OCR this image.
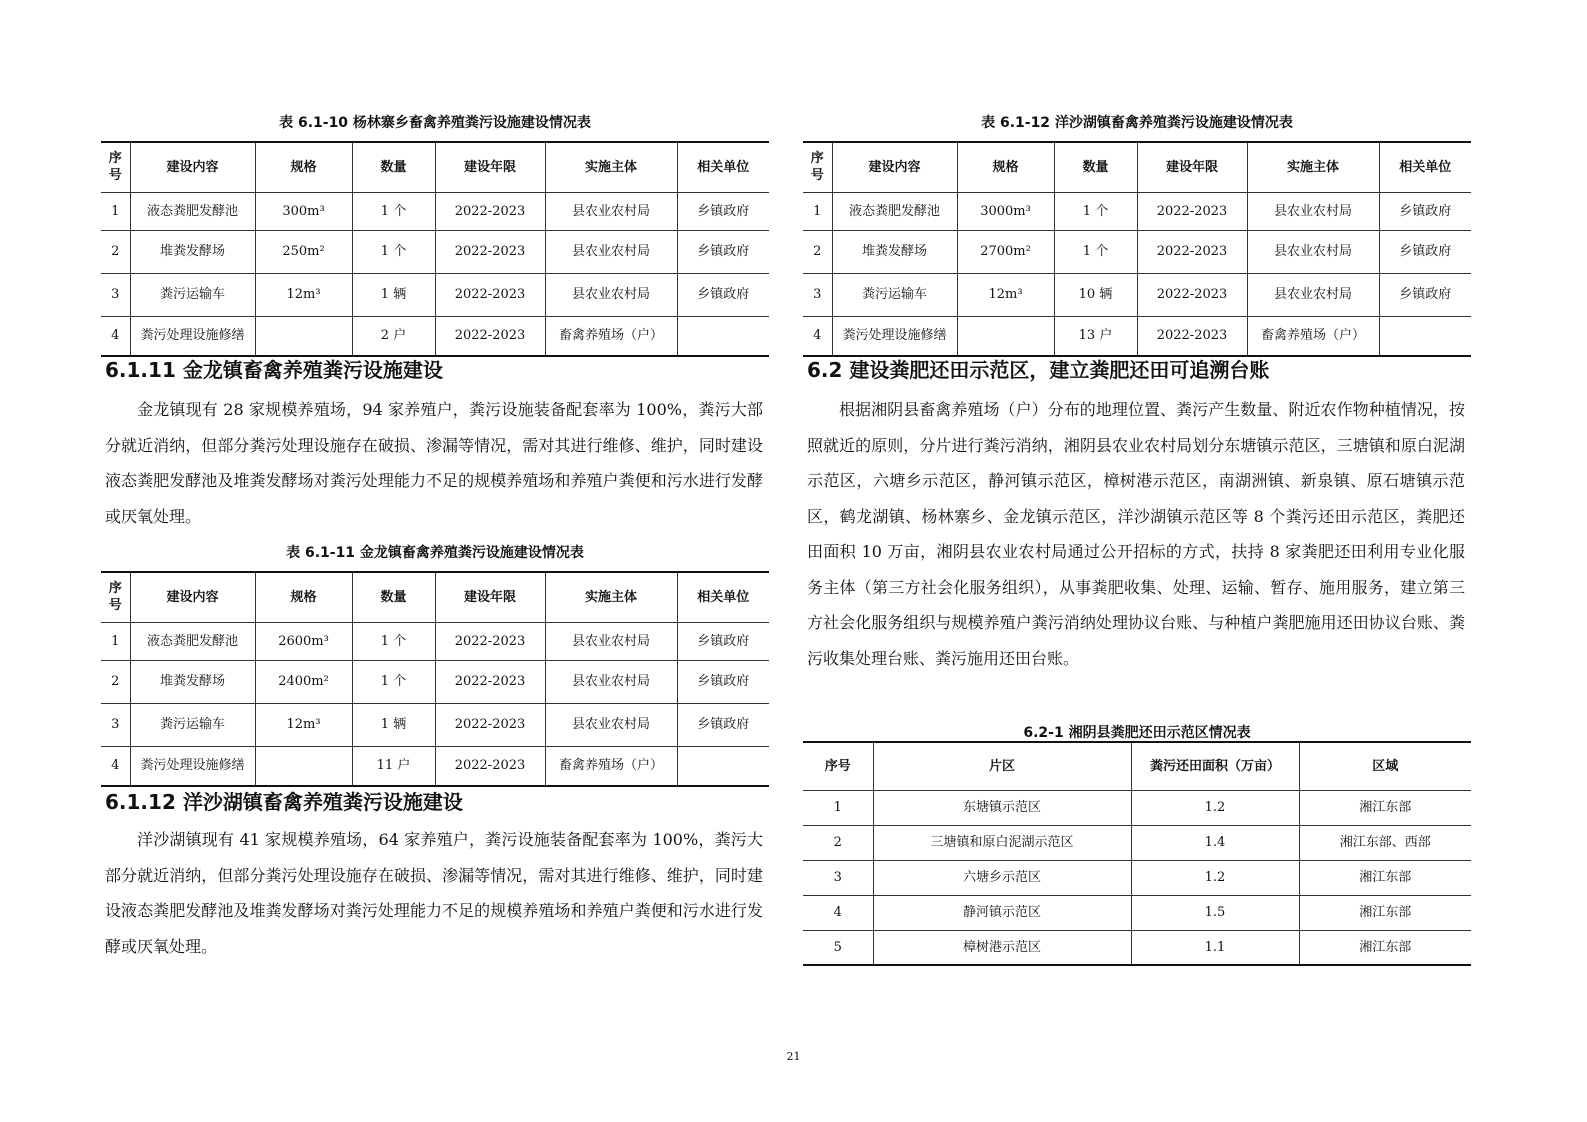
表 6.1-10 杨林寨乡畜禽养殖粪污设施建设情况表
序号	建设内容	规格	数量	建设年限	实施主体	相关单位
1	液态粪肥发酵池	300m³	1 个	2022-2023	县农业农村局	乡镇政府
2	堆粪发酵场	250m²	1 个	2022-2023	县农业农村局	乡镇政府
3	粪污运输车	12m³	1 辆	2022-2023	县农业农村局	乡镇政府
4	粪污处理设施修缮		2 户	2022-2023	畜禽养殖场（户）	
6.1.11 金龙镇畜禽养殖粪污设施建设
金龙镇现有 28 家规模养殖场，94 家养殖户，粪污设施装备配套率为 100%，粪污大部分就近消纳，但部分粪污处理设施存在破损、渗漏等情况，需对其进行维修、维护，同时建设液态粪肥发酵池及堆粪发酵场对粪污处理能力不足的规模养殖场和养殖户粪便和污水进行发酵或厌氧处理。
表 6.1-11 金龙镇畜禽养殖粪污设施建设情况表
序号	建设内容	规格	数量	建设年限	实施主体	相关单位
1	液态粪肥发酵池	2600m³	1 个	2022-2023	县农业农村局	乡镇政府
2	堆粪发酵场	2400m²	1 个	2022-2023	县农业农村局	乡镇政府
3	粪污运输车	12m³	1 辆	2022-2023	县农业农村局	乡镇政府
4	粪污处理设施修缮		11 户	2022-2023	畜禽养殖场（户）	
6.1.12 洋沙湖镇畜禽养殖粪污设施建设
洋沙湖镇现有 41 家规模养殖场，64 家养殖户，粪污设施装备配套率为 100%，粪污大部分就近消纳，但部分粪污处理设施存在破损、渗漏等情况，需对其进行维修、维护，同时建设液态粪肥发酵池及堆粪发酵场对粪污处理能力不足的规模养殖场和养殖户粪便和污水进行发酵或厌氧处理。
表 6.1-12 洋沙湖镇畜禽养殖粪污设施建设情况表
序号	建设内容	规格	数量	建设年限	实施主体	相关单位
1	液态粪肥发酵池	3000m³	1 个	2022-2023	县农业农村局	乡镇政府
2	堆粪发酵场	2700m²	1 个	2022-2023	县农业农村局	乡镇政府
3	粪污运输车	12m³	10 辆	2022-2023	县农业农村局	乡镇政府
4	粪污处理设施修缮		13 户	2022-2023	畜禽养殖场（户）	
6.2 建设粪肥还田示范区，建立粪肥还田可追溯台账
根据湘阴县畜禽养殖场（户）分布的地理位置、粪污产生数量、附近农作物种植情况，按照就近的原则，分片进行粪污消纳，湘阴县农业农村局划分东塘镇示范区，三塘镇和原白泥湖示范区，六塘乡示范区，静河镇示范区，樟树港示范区，南湖洲镇、新泉镇、原石塘镇示范区，鹤龙湖镇、杨林寨乡、金龙镇示范区，洋沙湖镇示范区等 8 个粪污还田示范区，粪肥还田面积 10 万亩，湘阴县农业农村局通过公开招标的方式，扶持 8 家粪肥还田利用专业化服务主体（第三方社会化服务组织），从事粪肥收集、处理、运输、暂存、施用服务，建立第三方社会化服务组织与规模养殖户粪污消纳处理协议台账、与种植户粪肥施用还田协议台账、粪污收集处理台账、粪污施用还田台账。
6.2-1 湘阴县粪肥还田示范区情况表
序号	片区	粪污还田面积（万亩）	区域
1	东塘镇示范区	1.2	湘江东部
2	三塘镇和原白泥湖示范区	1.4	湘江东部、西部
3	六塘乡示范区	1.2	湘江东部
4	静河镇示范区	1.5	湘江东部
5	樟树港示范区	1.1	湘江东部
21
